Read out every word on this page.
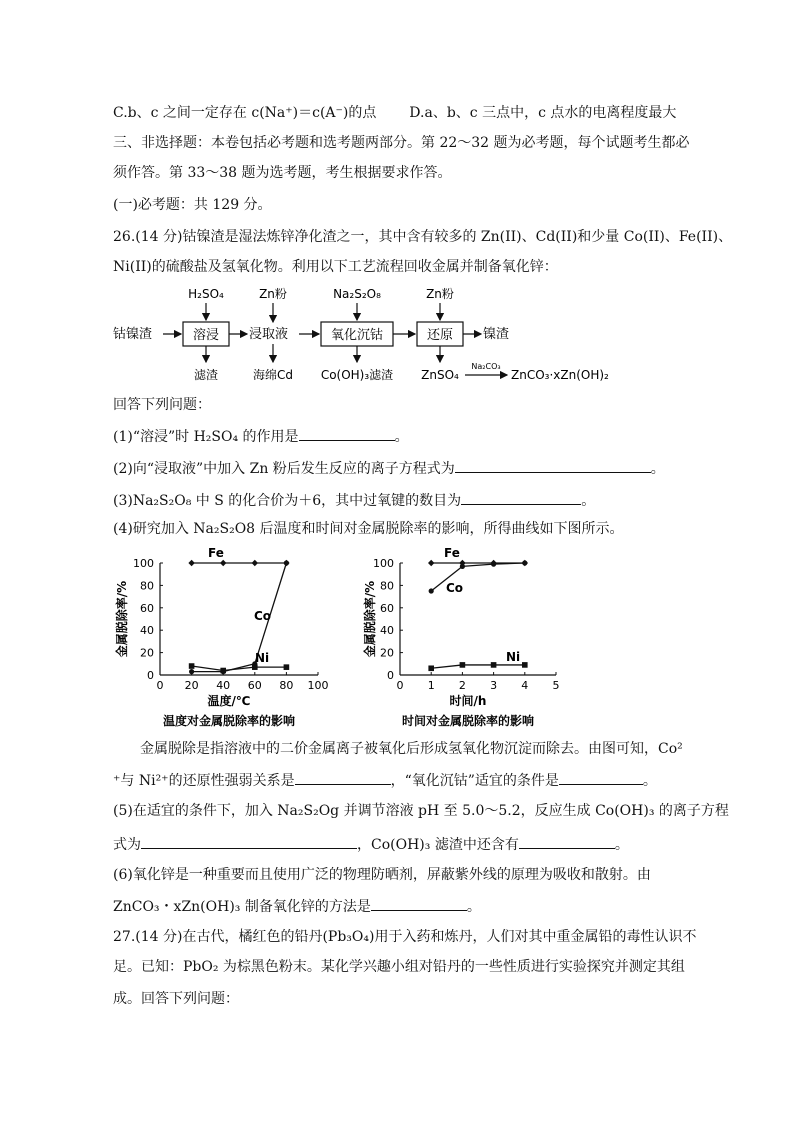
C.b、c 之间一定存在 c(Na⁺)＝c(A⁻)的点 D.a、b、c 三点中，c 点水的电离程度最大
三、非选择题：本卷包括必考题和选考题两部分。第 22～32 题为必考题，每个试题考生都必
须作答。第 33～38 题为选考题，考生根据要求作答。
(一)必考题：共 129 分。
26.(14 分)钴镍渣是湿法炼锌净化渣之一，其中含有较多的 Zn(II)、Cd(II)和少量 Co(II)、Fe(II)、
Ni(II)的硫酸盐及氢氧化物。利用以下工艺流程回收金属并制备氧化锌：
钴镍渣	溶浸
H₂SO₄
滤渣
浸取液
Zn粉
海绵Cd
氧化沉钴
Na₂S₂O₈
Co(OH)₃滤渣
还原
Zn粉
镍渣
ZnSO₄
Na₂CO₃
ZnCO₃·xZn(OH)₂
回答下列问题：
(1)“溶浸”时 H₂SO₄ 的作用是	。
(2)向“浸取液”中加入 Zn 粉后发生反应的离子方程式为	。
(3)Na₂S₂O₈ 中 S 的化合价为＋6，其中过氧键的数目为	。
(4)研究加入 Na₂S₂O8 后温度和时间对金属脱除率的影响，所得曲线如下图所示。
0 20 40 60 80 100
0
20
40
60
80
100
温度/℃
金属脱除率/%
温度对金属脱除率的影响
Fe
Co
Ni
0 1 2 3 4 5
0
20
40
60
80
100
时间/h
金属脱除率/%
时间对金属脱除率的影响
Fe
Co
Ni
金属脱除是指溶液中的二价金属离子被氧化后形成氢氧化物沉淀而除去。由图可知，Co²
⁺与 Ni²⁺的还原性强弱关系是	，“氧化沉钴”适宜的条件是	。
(5)在适宜的条件下，加入 Na₂S₂Og 并调节溶液 pH 至 5.0～5.2，反应生成 Co(OH)₃ 的离子方程
式为	，Co(OH)₃ 滤渣中还含有	。
(6)氧化锌是一种重要而且使用广泛的物理防晒剂，屏蔽紫外线的原理为吸收和散射。由
ZnCO₃・xZn(OH)₃ 制备氧化锌的方法是	。
27.(14 分)在古代，橘红色的铅丹(Pb₃O₄)用于入药和炼丹，人们对其中重金属铅的毒性认识不
足。已知：PbO₂ 为棕黑色粉末。某化学兴趣小组对铅丹的一些性质进行实验探究并测定其组
成。回答下列问题：
